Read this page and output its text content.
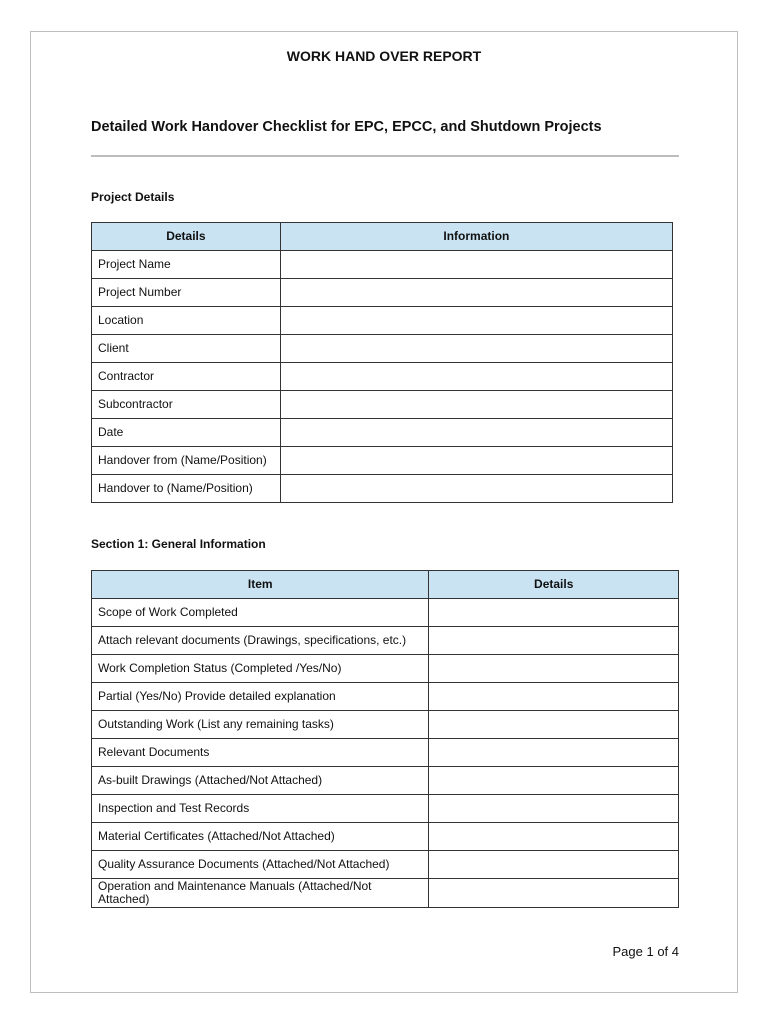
WORK HAND OVER REPORT
Detailed Work Handover Checklist for EPC, EPCC, and Shutdown Projects
Project Details
Details	Information
Project Name	
Project Number	
Location	
Client	
Contractor	
Subcontractor	
Date	
Handover from (Name/Position)	
Handover to (Name/Position)	
Section 1: General Information
Item	Details
Scope of Work Completed	
Attach relevant documents (Drawings, specifications, etc.)	
Work Completion Status (Completed /Yes/No)	
Partial (Yes/No) Provide detailed explanation	
Outstanding Work (List any remaining tasks)	
Relevant Documents	
As-built Drawings (Attached/Not Attached)	
Inspection and Test Records	
Material Certificates (Attached/Not Attached)	
Quality Assurance Documents (Attached/Not Attached)	
Operation and Maintenance Manuals (Attached/Not Attached)	
Page 1 of 4
